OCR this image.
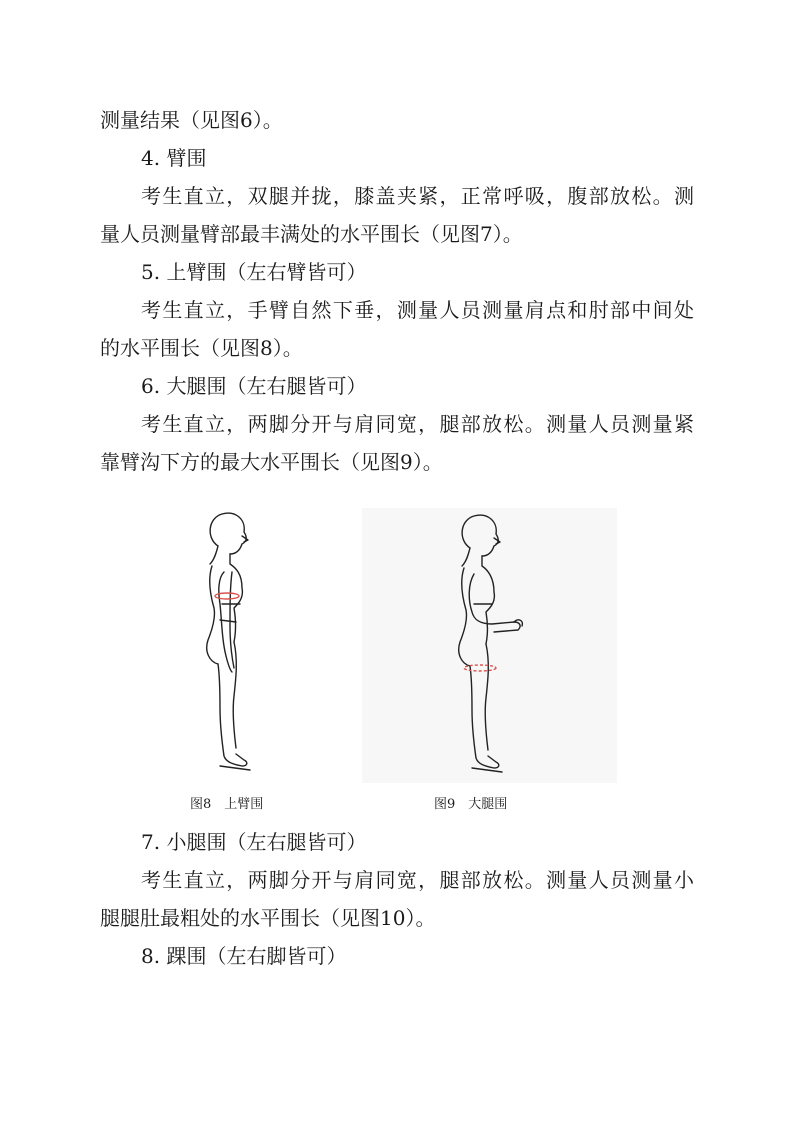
测量结果（见图6）。
4. 臂围
考生直立，双腿并拢，膝盖夹紧，正常呼吸，腹部放松。测
量人员测量臂部最丰满处的水平围长（见图7）。
5. 上臂围（左右臂皆可）
考生直立，手臂自然下垂，测量人员测量肩点和肘部中间处
的水平围长（见图8）。
6. 大腿围（左右腿皆可）
考生直立，两脚分开与肩同宽，腿部放松。测量人员测量紧
靠臂沟下方的最大水平围长（见图9）。
图8　上臂围	图9　大腿围
7. 小腿围（左右腿皆可）
考生直立，两脚分开与肩同宽，腿部放松。测量人员测量小
腿腿肚最粗处的水平围长（见图10）。
8. 踝围（左右脚皆可）
